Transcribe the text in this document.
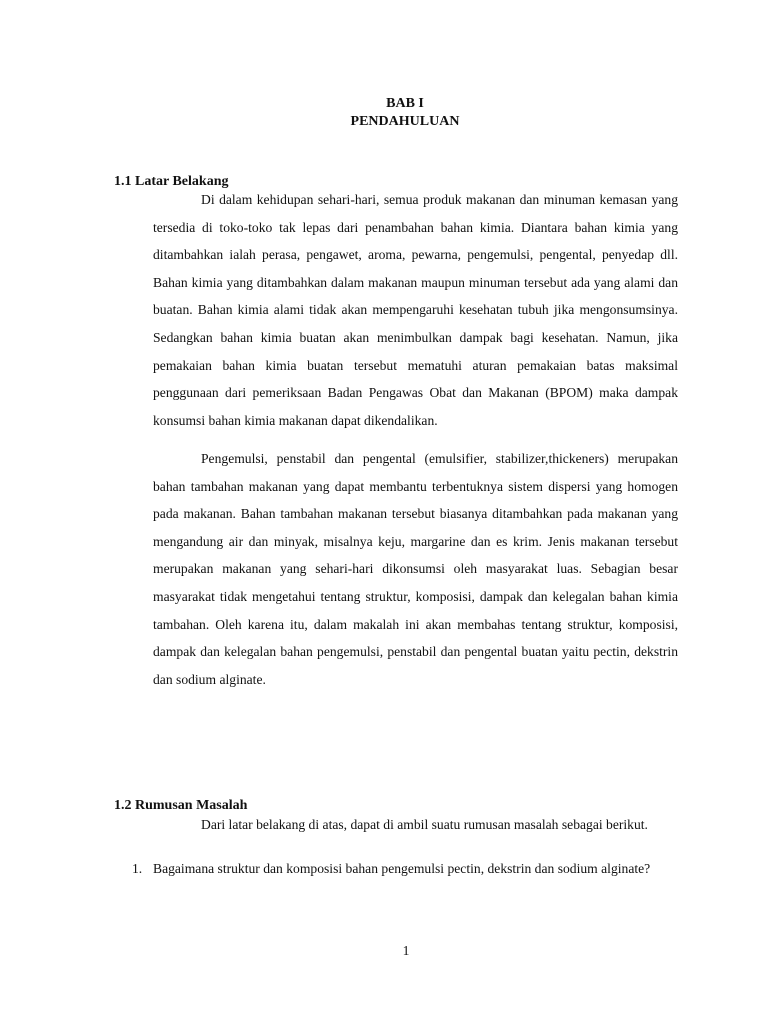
BAB I
PENDAHULUAN
1.1 Latar Belakang

Di dalam kehidupan sehari-hari, semua produk makanan dan minuman kemasan yang tersedia di toko-toko tak lepas dari penambahan bahan kimia. Diantara bahan kimia yang ditambahkan ialah perasa, pengawet, aroma, pewarna, pengemulsi, pengental, penyedap dll. Bahan kimia yang ditambahkan dalam makanan maupun minuman tersebut ada yang alami dan buatan. Bahan kimia alami tidak akan mempengaruhi kesehatan tubuh jika mengonsumsinya. Sedangkan bahan kimia buatan akan menimbulkan dampak bagi kesehatan. Namun, jika pemakaian bahan kimia buatan tersebut mematuhi aturan pemakaian batas maksimal penggunaan dari pemeriksaan Badan Pengawas Obat dan Makanan (BPOM) maka dampak konsumsi bahan kimia makanan dapat dikendalikan.

Pengemulsi, penstabil dan pengental (emulsifier, stabilizer,thickeners) merupakan bahan tambahan makanan yang dapat membantu terbentuknya sistem dispersi yang homogen pada makanan. Bahan tambahan makanan tersebut biasanya ditambahkan pada makanan yang mengandung air dan minyak, misalnya keju, margarine dan es krim. Jenis makanan tersebut merupakan makanan yang sehari-hari dikonsumsi oleh masyarakat luas. Sebagian besar masyarakat tidak mengetahui tentang struktur, komposisi, dampak dan kelegalan bahan kimia tambahan. Oleh karena itu, dalam makalah ini akan membahas tentang struktur, komposisi, dampak dan kelegalan bahan pengemulsi, penstabil dan pengental buatan yaitu pectin, dekstrin dan sodium alginate.

1.2 Rumusan Masalah

Dari latar belakang di atas, dapat di ambil suatu rumusan masalah sebagai berikut.

1. Bagaimana struktur dan komposisi bahan pengemulsi pectin, dekstrin dan sodium alginate?
1
